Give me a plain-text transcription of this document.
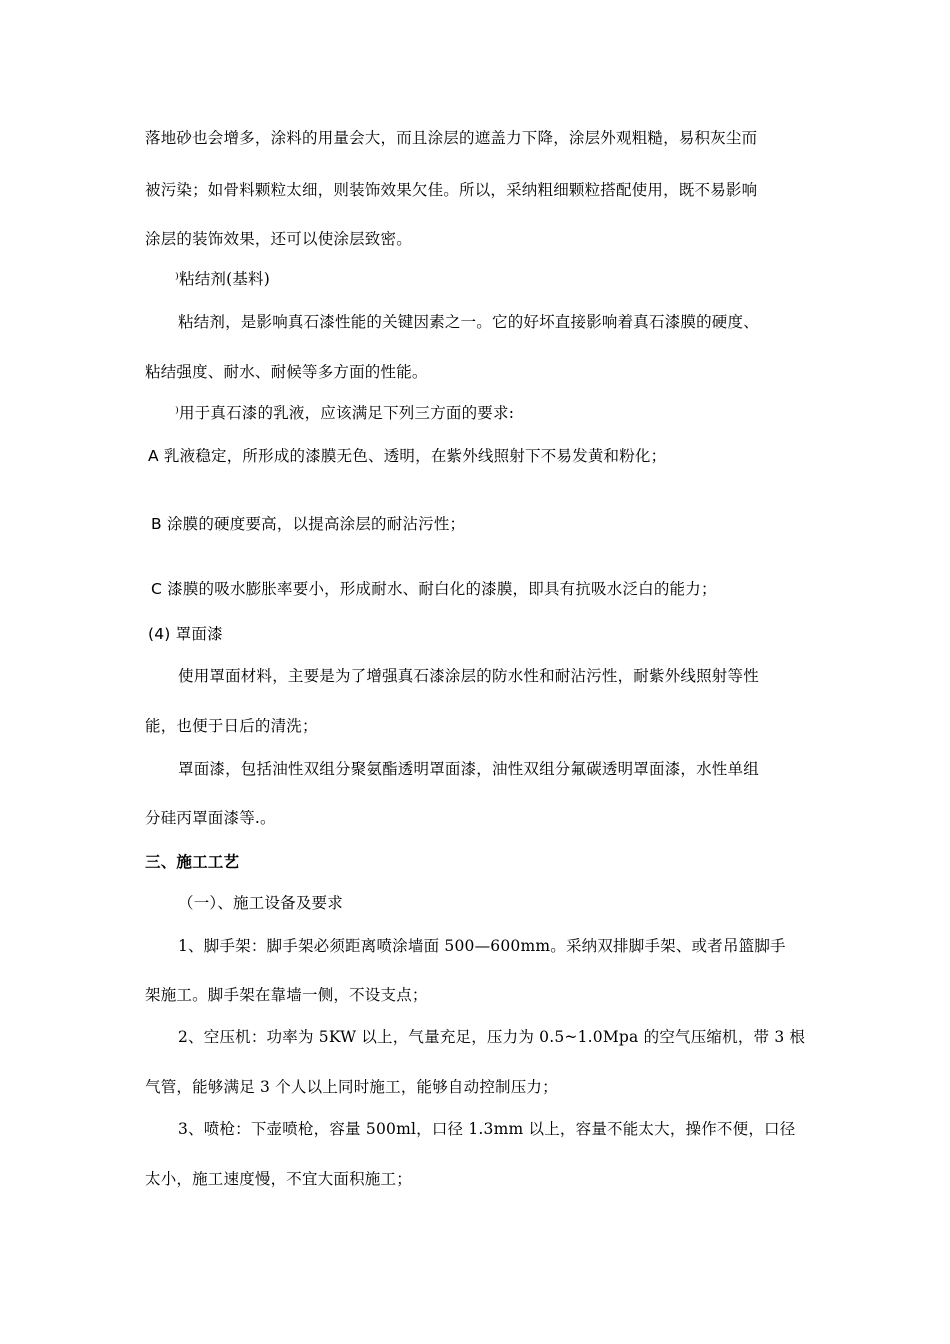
落地砂也会增多，涂料的用量会大，而且涂层的遮盖力下降，涂层外观粗糙，易积灰尘而
被污染；如骨料颗粒太细，则装饰效果欠佳。所以，采纳粗细颗粒搭配使用，既不易影响
涂层的装饰效果，还可以使涂层致密。
⁾粘结剂(基料)
粘结剂，是影响真石漆性能的关键因素之一。它的好坏直接影响着真石漆膜的硬度、
粘结强度、耐水、耐候等多方面的性能。
⁾用于真石漆的乳液，应该满足下列三方面的要求:
A 乳液稳定，所形成的漆膜无色、透明，在紫外线照射下不易发黄和粉化；
B 涂膜的硬度要高，以提高涂层的耐沾污性；
C 漆膜的吸水膨胀率要小，形成耐水、耐白化的漆膜，即具有抗吸水泛白的能力；
(4) 罩面漆
使用罩面材料，主要是为了增强真石漆涂层的防水性和耐沾污性，耐紫外线照射等性
能，也便于日后的清洗；
罩面漆，包括油性双组分聚氨酯透明罩面漆，油性双组分氟碳透明罩面漆，水性单组
分硅丙罩面漆等.。
三、施工工艺
（一）、施工设备及要求
1、脚手架：脚手架必须距离喷涂墙面 500—600mm。采纳双排脚手架、或者吊篮脚手
架施工。脚手架在靠墙一侧，不设支点；
2、空压机：功率为 5KW 以上，气量充足，压力为 0.5~1.0Mpa 的空气压缩机，带 3 根
气管，能够满足 3 个人以上同时施工，能够自动控制压力；
3、喷枪：下壶喷枪，容量 500ml，口径 1.3mm 以上，容量不能太大，操作不便，口径
太小，施工速度慢，不宜大面积施工；
